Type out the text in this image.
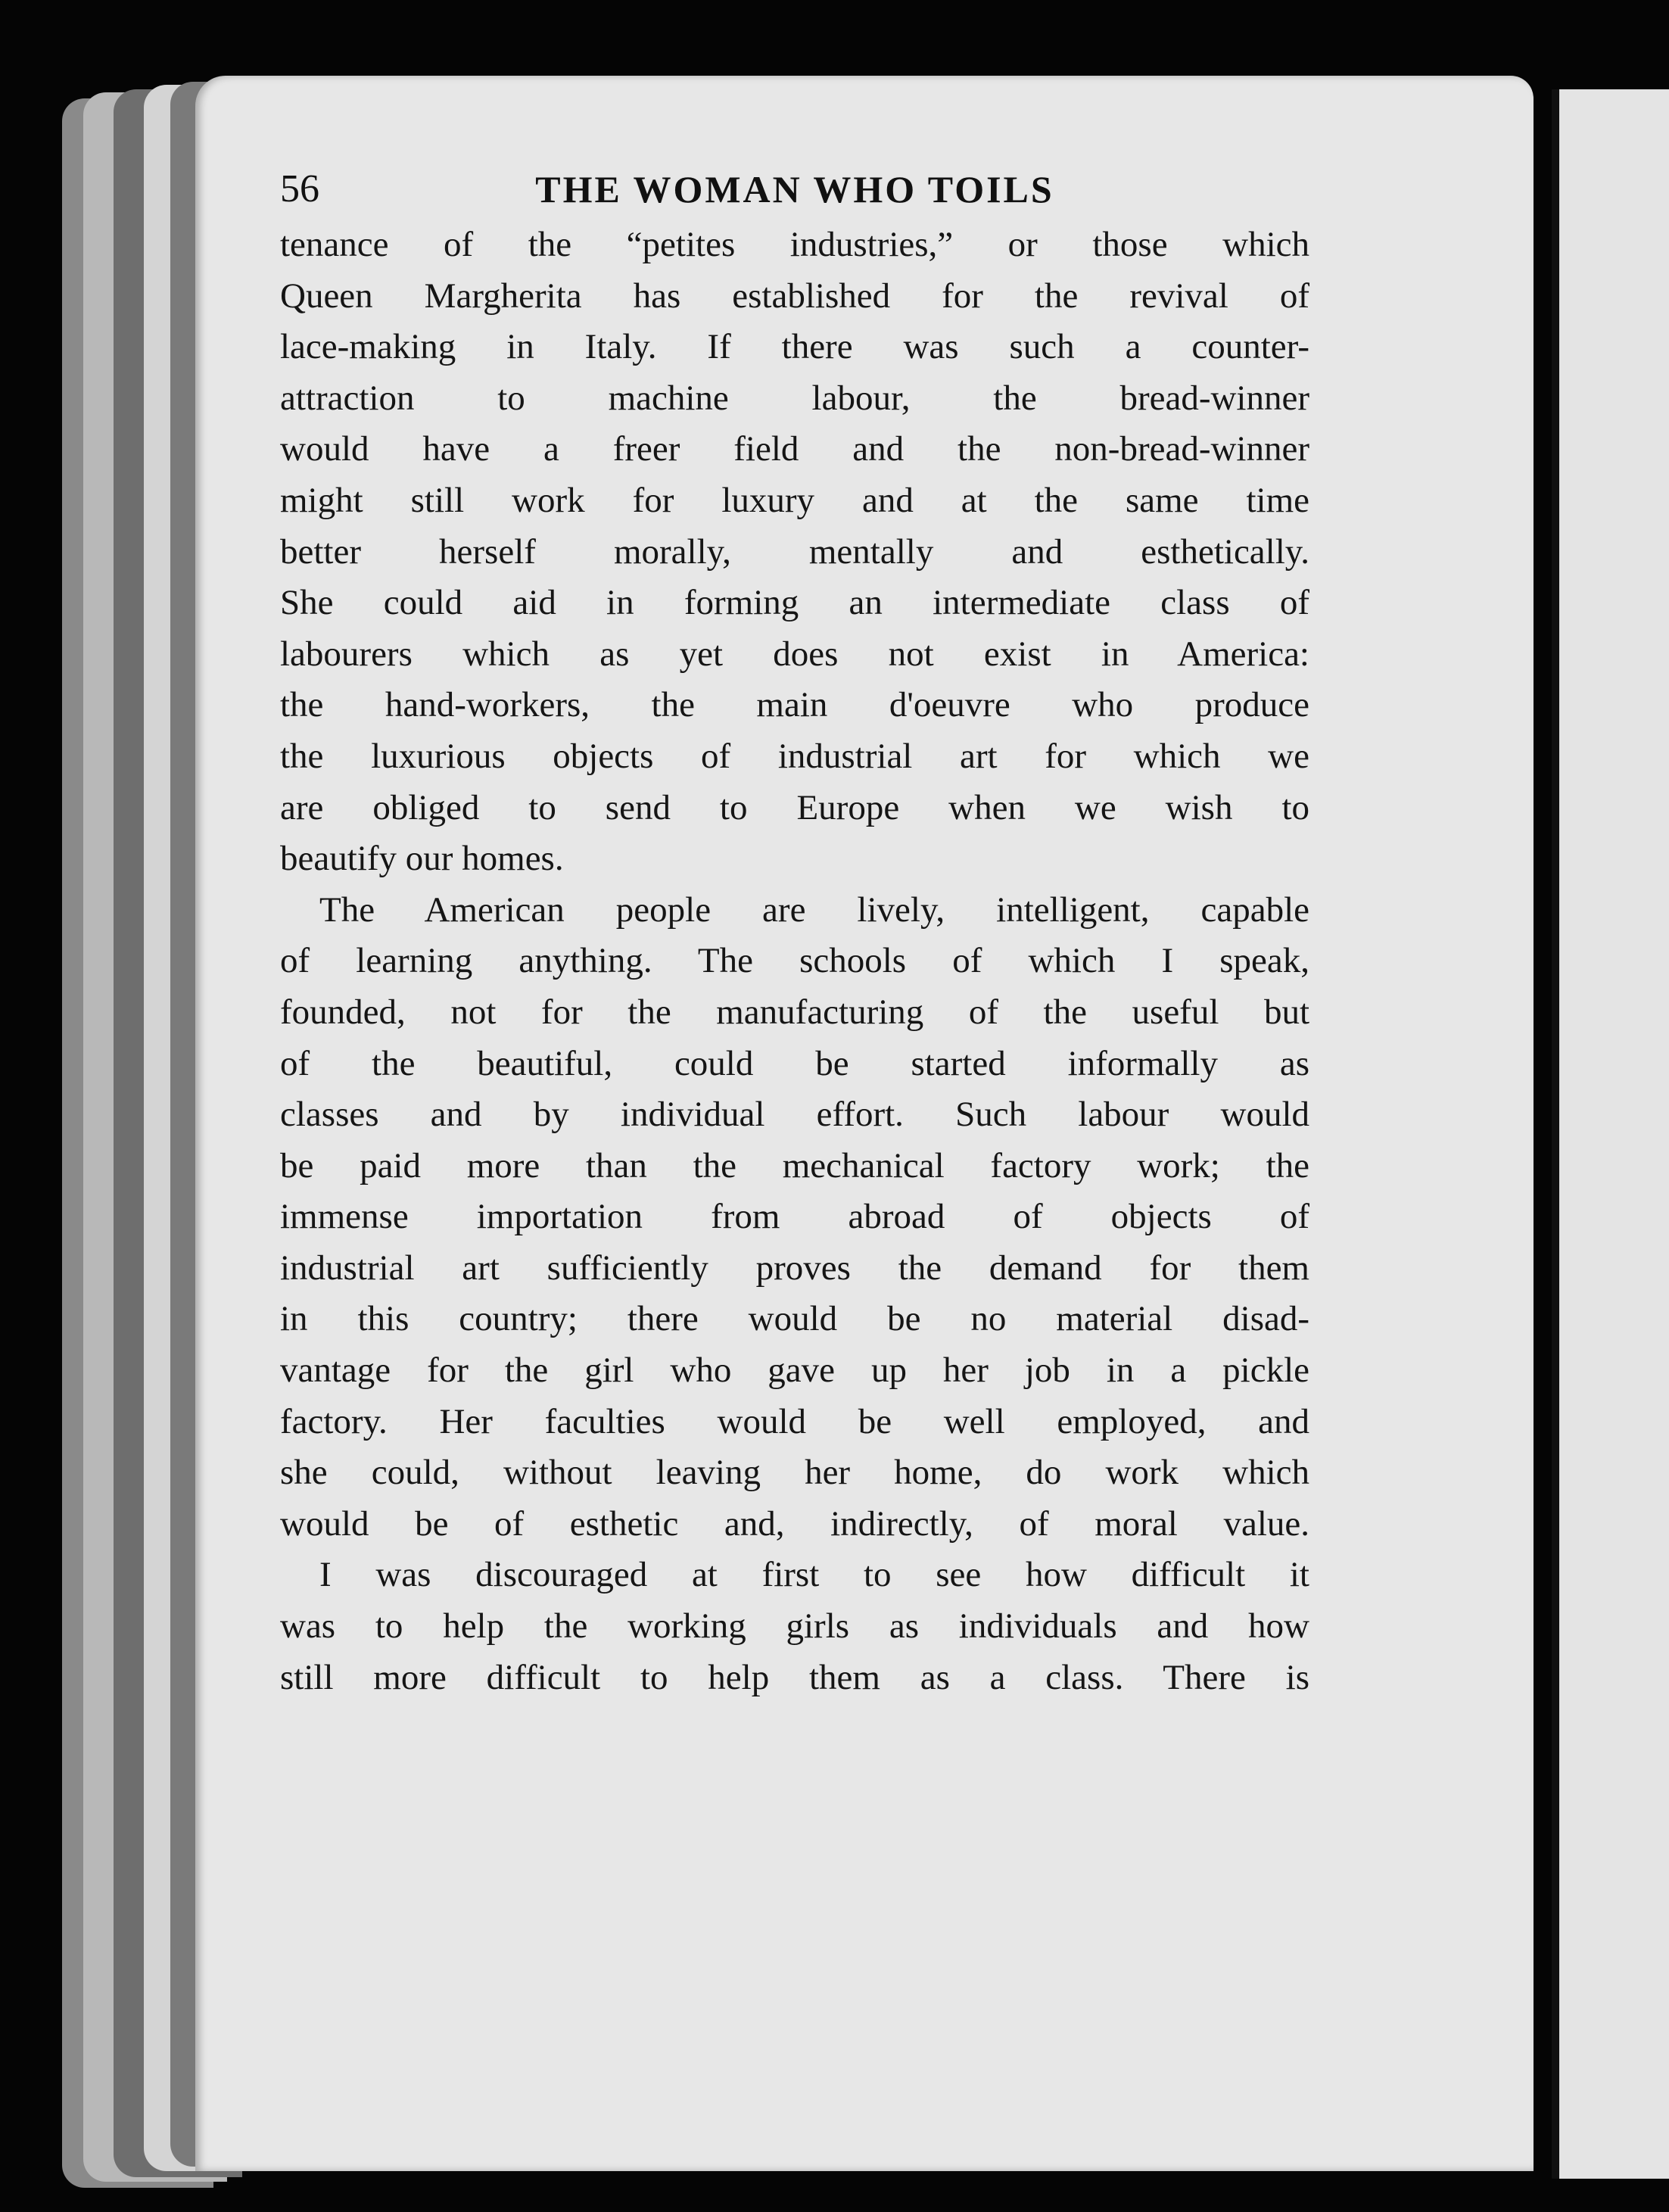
56	THE WOMAN WHO TOILS
tenance of the “petites industries,” or those which
Queen Margherita has established for the revival of
lace-making in Italy. If there was such a counter-
attraction to machine labour, the bread-winner
would have a freer field and the non-bread-winner
might still work for luxury and at the same time
better herself morally, mentally and esthetically.
She could aid in forming an intermediate class of
labourers which as yet does not exist in America:
the hand-workers, the main d'oeuvre who produce
the luxurious objects of industrial art for which we
are obliged to send to Europe when we wish to
beautify our homes.
The American people are lively, intelligent, capable
of learning anything. The schools of which I speak,
founded, not for the manufacturing of the useful but
of the beautiful, could be started informally as
classes and by individual effort. Such labour would
be paid more than the mechanical factory work; the
immense importation from abroad of objects of
industrial art sufficiently proves the demand for them
in this country; there would be no material disad-
vantage for the girl who gave up her job in a pickle
factory. Her faculties would be well employed, and
she could, without leaving her home, do work which
would be of esthetic and, indirectly, of moral value.
I was discouraged at first to see how difficult it
was to help the working girls as individuals and how
still more difficult to help them as a class. There is
